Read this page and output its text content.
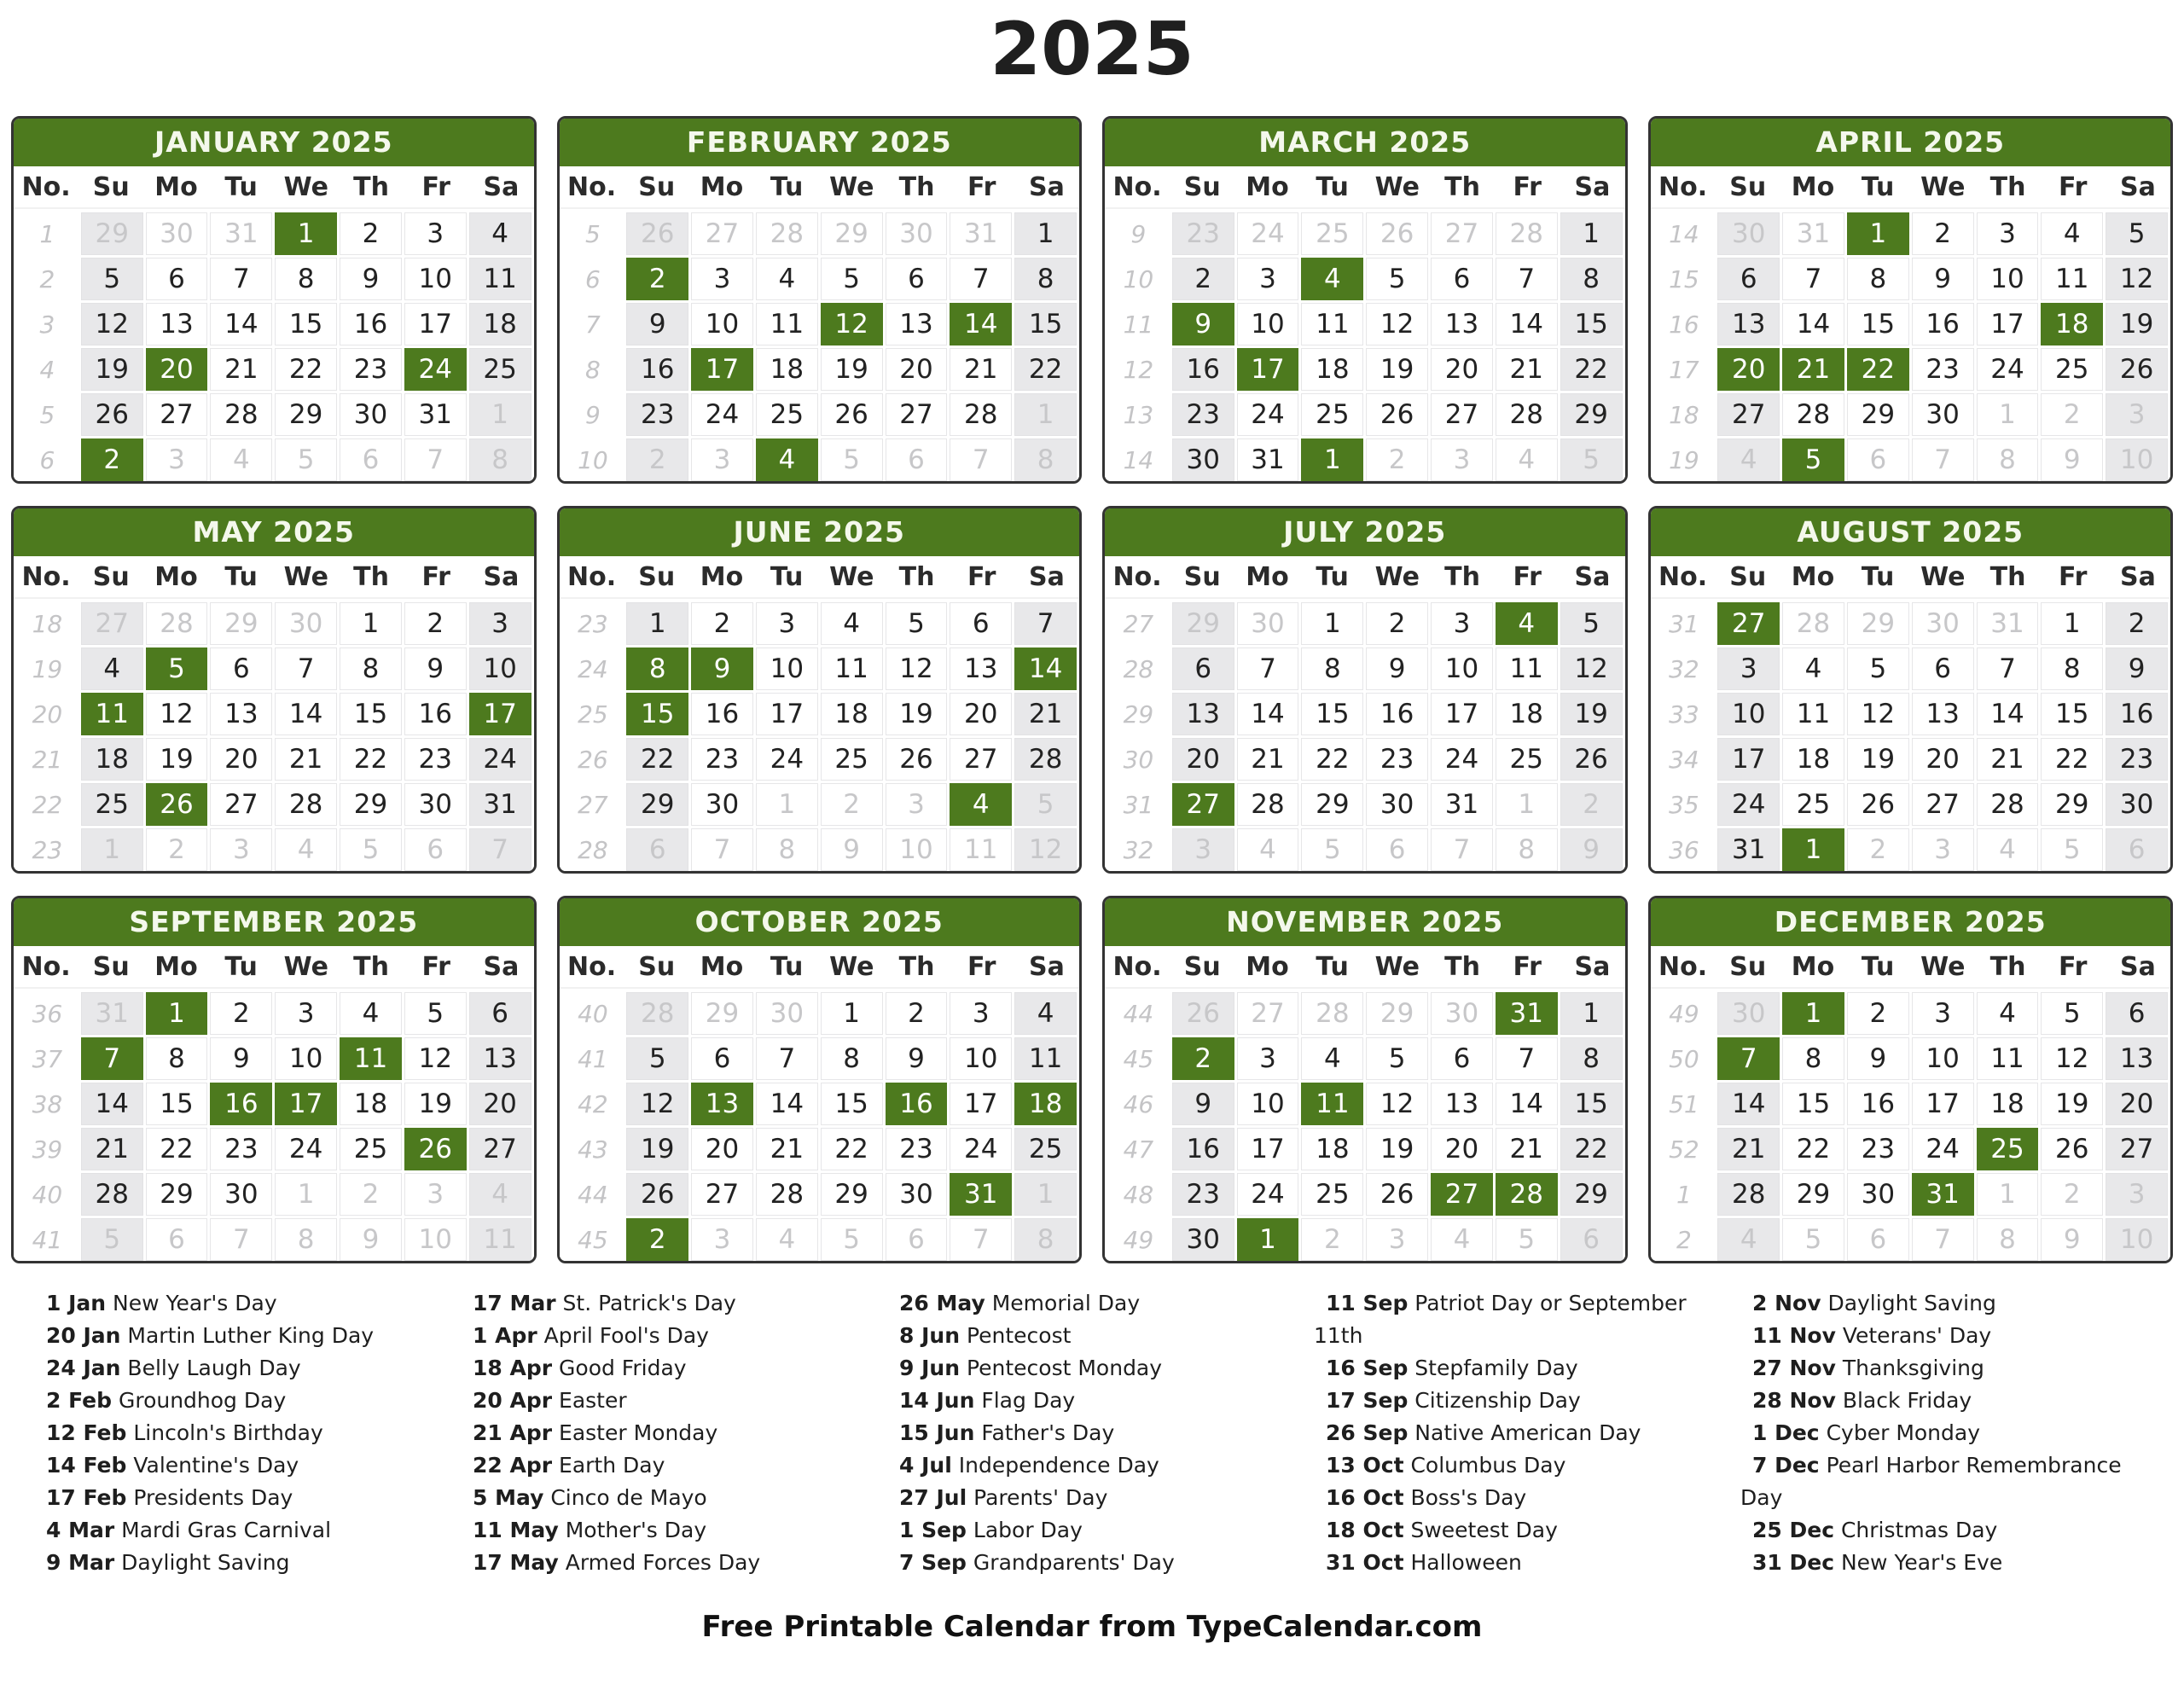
2025
JANUARY 2025
No. Su Mo	Tu	We Th	Fr	Sa
1	29	30	31	1	2	3	4
2	5	6	7	8	9	10	11
3	12	13	14	15	16	17	18
4	19	20	21	22	23	24	25
5	26	27	28	29	30	31	1
6	2	3	4	5	6	7	8
FEBRUARY 2025
No. Su Mo	Tu	We Th	Fr	Sa
5	26	27	28	29	30	31	1
6	2	3	4	5	6	7	8
7	9	10	11	12	13	14	15
8	16	17	18	19	20	21	22
9	23	24	25	26	27	28	1
10	2	3	4	5	6	7	8
MARCH 2025
No. Su Mo	Tu	We Th	Fr	Sa
9	23	24	25	26	27	28	1
10	2	3	4	5	6	7	8
11	9	10	11	12	13	14	15
12	16	17	18	19	20	21	22
13	23	24	25	26	27	28	29
14	30	31	1	2	3	4	5
APRIL 2025
No. Su Mo	Tu	We Th	Fr	Sa
14	30	31	1	2	3	4	5
15	6	7	8	9	10	11	12
16	13	14	15	16	17	18	19
17	20	21	22	23	24	25	26
18	27	28	29	30	1	2	3
19	4	5	6	7	8	9	10
MAY 2025
No. Su Mo	Tu	We Th	Fr	Sa
18	27	28	29	30	1	2	3
19	4	5	6	7	8	9	10
20	11	12	13	14	15	16	17
21	18	19	20	21	22	23	24
22	25	26	27	28	29	30	31
23	1	2	3	4	5	6	7
JUNE 2025
No. Su Mo	Tu	We Th	Fr	Sa
23	1	2	3	4	5	6	7
24	8	9	10	11	12	13	14
25	15	16	17	18	19	20	21
26	22	23	24	25	26	27	28
27	29	30	1	2	3	4	5
28	6	7	8	9	10	11	12
JULY 2025
No. Su Mo	Tu	We Th	Fr	Sa
27	29	30	1	2	3	4	5
28	6	7	8	9	10	11	12
29	13	14	15	16	17	18	19
30	20	21	22	23	24	25	26
31	27	28	29	30	31	1	2
32	3	4	5	6	7	8	9
AUGUST 2025
No. Su Mo	Tu	We Th	Fr	Sa
31	27	28	29	30	31	1	2
32	3	4	5	6	7	8	9
33	10	11	12	13	14	15	16
34	17	18	19	20	21	22	23
35	24	25	26	27	28	29	30
36	31	1	2	3	4	5	6
SEPTEMBER 2025
No. Su Mo	Tu	We Th	Fr	Sa
36	31	1	2	3	4	5	6
37	7	8	9	10	11	12	13
38	14	15	16	17	18	19	20
39	21	22	23	24	25	26	27
40	28	29	30	1	2	3	4
41	5	6	7	8	9	10	11
OCTOBER 2025
No. Su Mo	Tu	We Th	Fr	Sa
40	28	29	30	1	2	3	4
41	5	6	7	8	9	10	11
42	12	13	14	15	16	17	18
43	19	20	21	22	23	24	25
44	26	27	28	29	30	31	1
45	2	3	4	5	6	7	8
NOVEMBER 2025
No. Su Mo	Tu	We Th	Fr	Sa
44	26	27	28	29	30	31	1
45	2	3	4	5	6	7	8
46	9	10	11	12	13	14	15
47	16	17	18	19	20	21	22
48	23	24	25	26	27	28	29
49	30	1	2	3	4	5	6
DECEMBER 2025
No. Su Mo	Tu	We Th	Fr	Sa
49	30	1	2	3	4	5	6
50	7	8	9	10	11	12	13
51	14	15	16	17	18	19	20
52	21	22	23	24	25	26	27
1	28	29	30	31	1	2	3
2	4	5	6	7	8	9	10

1 Jan New Year's Day

20 Jan Martin Luther King Day

24 Jan Belly Laugh Day

2 Feb Groundhog Day

12 Feb Lincoln's Birthday

14 Feb Valentine's Day

17 Feb Presidents Day

4 Mar Mardi Gras Carnival

9 Mar Daylight Saving

17 Mar St. Patrick's Day

1 Apr April Fool's Day

18 Apr Good Friday

20 Apr Easter

21 Apr Easter Monday

22 Apr Earth Day

5 May Cinco de Mayo

11 May Mother's Day

17 May Armed Forces Day

26 May Memorial Day

8 Jun Pentecost

9 Jun Pentecost Monday

14 Jun Flag Day

15 Jun Father's Day

4 Jul Independence Day

27 Jul Parents' Day

1 Sep Labor Day

7 Sep Grandparents' Day

11 Sep Patriot Day or September 11th

16 Sep Stepfamily Day

17 Sep Citizenship Day

26 Sep Native American Day

13 Oct Columbus Day

16 Oct Boss's Day

18 Oct Sweetest Day

31 Oct Halloween

2 Nov Daylight Saving

11 Nov Veterans' Day

27 Nov Thanksgiving

28 Nov Black Friday

1 Dec Cyber Monday

7 Dec Pearl Harbor Remembrance Day

25 Dec Christmas Day

31 Dec New Year's Eve

Free Printable Calendar from TypeCalendar.com
